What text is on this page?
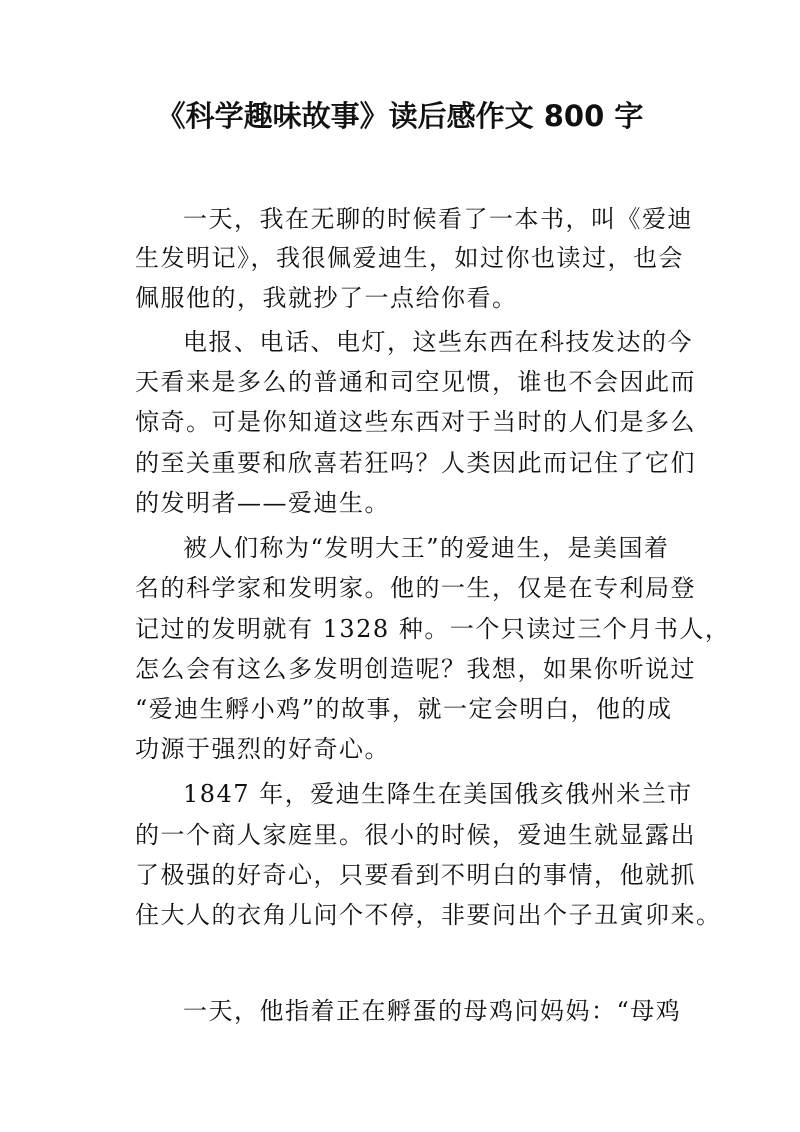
《科学趣味故事》读后感作文 800 字

一天，我在无聊的时候看了一本书，叫《爱迪

生发明记》，我很佩爱迪生，如过你也读过，也会

佩服他的，我就抄了一点给你看。

电报、电话、电灯，这些东西在科技发达的今

天看来是多么的普通和司空见惯，谁也不会因此而

惊奇。可是你知道这些东西对于当时的人们是多么

的至关重要和欣喜若狂吗？人类因此而记住了它们

的发明者——爱迪生。

被人们称为“发明大王”的爱迪生，是美国着

名的科学家和发明家。他的一生，仅是在专利局登

记过的发明就有 1328 种。一个只读过三个月书人，

怎么会有这么多发明创造呢？我想，如果你听说过

“爱迪生孵小鸡”的故事，就一定会明白，他的成

功源于强烈的好奇心。

1847 年，爱迪生降生在美国俄亥俄州米兰市

的一个商人家庭里。很小的时候，爱迪生就显露出

了极强的好奇心，只要看到不明白的事情，他就抓

住大人的衣角儿问个不停，非要问出个子丑寅卯来。

一天，他指着正在孵蛋的母鸡问妈妈：“母鸡
